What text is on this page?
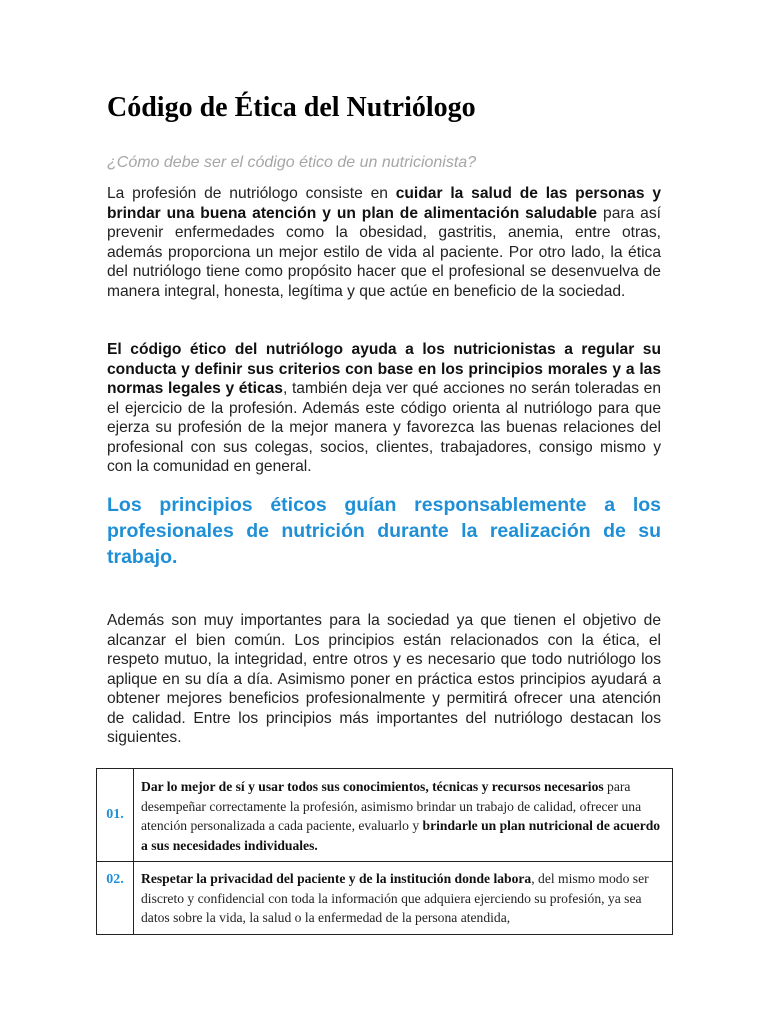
Código de Ética del Nutriólogo

¿Cómo debe ser el código ético de un nutricionista?

La profesión de nutriólogo consiste en cuidar la salud de las personas y brindar una buena atención y un plan de alimentación saludable para así prevenir enfermedades como la obesidad, gastritis, anemia, entre otras, además proporciona un mejor estilo de vida al paciente. Por otro lado, la ética del nutriólogo tiene como propósito hacer que el profesional se desenvuelva de manera integral, honesta, legítima y que actúe en beneficio de la sociedad.

El código ético del nutriólogo ayuda a los nutricionistas a regular su conducta y definir sus criterios con base en los principios morales y a las normas legales y éticas, también deja ver qué acciones no serán toleradas en el ejercicio de la profesión. Además este código orienta al nutriólogo para que ejerza su profesión de la mejor manera y favorezca las buenas relaciones del profesional con sus colegas, socios, clientes, trabajadores, consigo mismo y con la comunidad en general.

Los principios éticos guían responsablemente a los profesionales de nutrición durante la realización de su trabajo.

Además son muy importantes para la sociedad ya que tienen el objetivo de alcanzar el bien común. Los principios están relacionados con la ética, el respeto mutuo, la integridad, entre otros y es necesario que todo nutriólogo los aplique en su día a día. Asimismo poner en práctica estos principios ayudará a obtener mejores beneficios profesionalmente y permitirá ofrecer una atención de calidad. Entre los principios más importantes del nutriólogo destacan los siguientes.

01.	Dar lo mejor de sí y usar todos sus conocimientos, técnicas y recursos necesarios para desempeñar correctamente la profesión, asimismo brindar un trabajo de calidad, ofrecer una atención personalizada a cada paciente, evaluarlo y brindarle un plan nutricional de acuerdo a sus necesidades individuales.

02.	Respetar la privacidad del paciente y de la institución donde labora, del mismo modo ser discreto y confidencial con toda la información que adquiera ejerciendo su profesión, ya sea datos sobre la vida, la salud o la enfermedad de la persona atendida,
